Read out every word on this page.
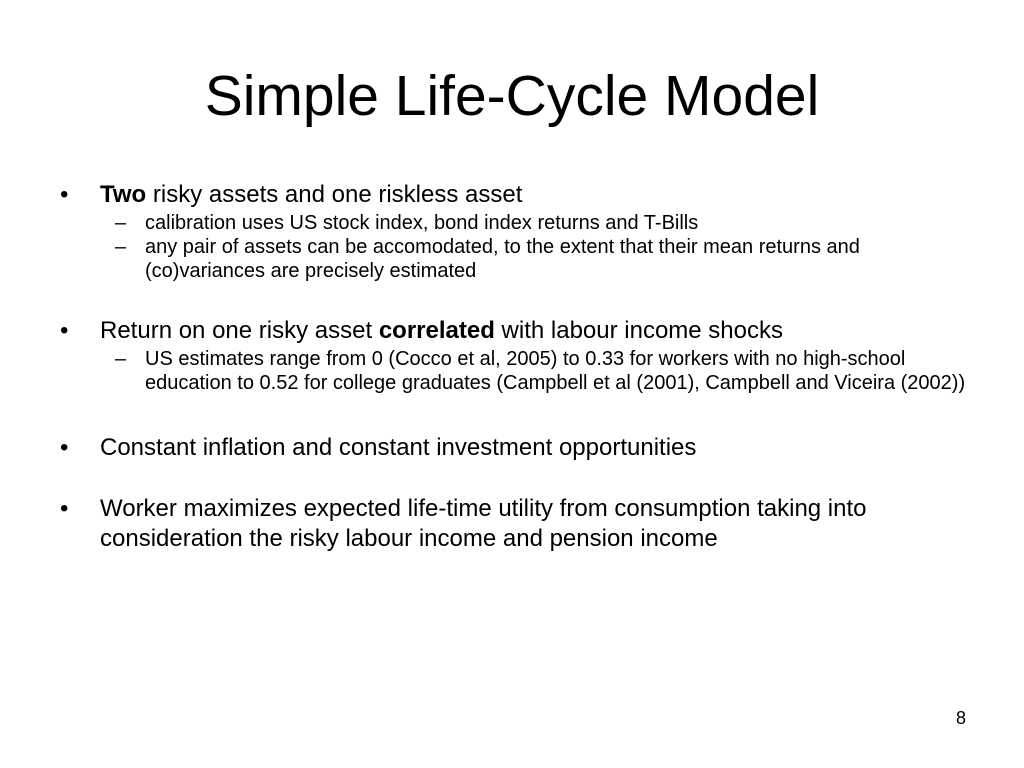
Simple Life-Cycle Model
• Two risky assets and one riskless asset
– calibration uses US stock index, bond index returns and T-Bills
– any pair of assets can be accomodated, to the extent that their mean returns and (co)variances are precisely estimated
• Return on one risky asset correlated with labour income shocks
– US estimates range from 0 (Cocco et al, 2005) to 0.33 for workers with no high-school education to 0.52 for college graduates (Campbell et al (2001), Campbell and Viceira (2002))
• Constant inflation and constant investment opportunities
• Worker maximizes expected life-time utility from consumption taking into consideration the risky labour income and pension income
8
